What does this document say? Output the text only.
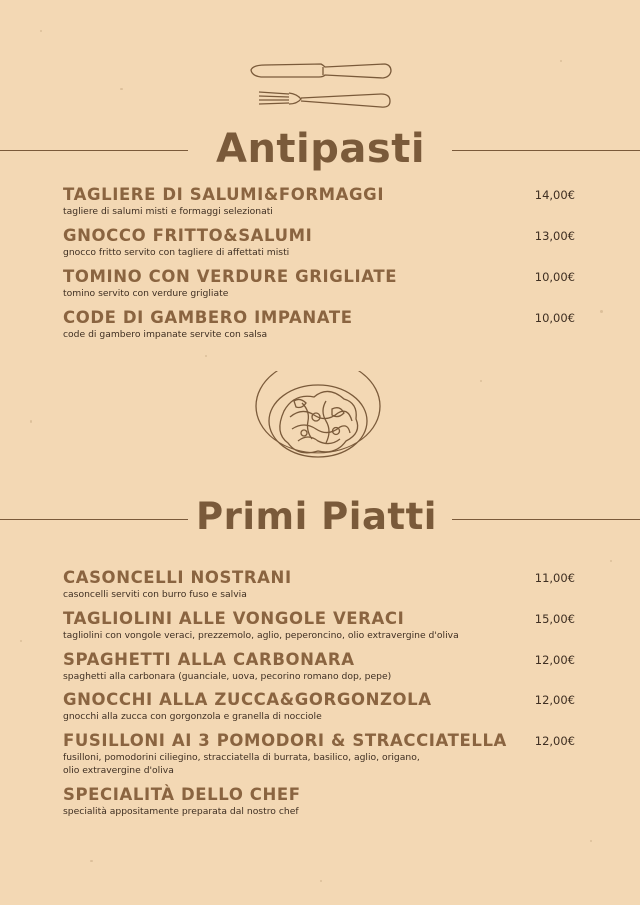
Antipasti
TAGLIERE DI SALUMI&FORMAGGI
tagliere di salumi misti e formaggi selezionati
14,00€
GNOCCO FRITTO&SALUMI
gnocco fritto servito con tagliere di affettati misti
13,00€
TOMINO CON VERDURE GRIGLIATE
tomino servito con verdure grigliate
10,00€
CODE DI GAMBERO IMPANATE
code di gambero impanate servite con salsa
10,00€
Primi Piatti
CASONCELLI NOSTRANI
casoncelli serviti con burro fuso e salvia
11,00€
TAGLIOLINI ALLE VONGOLE VERACI
tagliolini con vongole veraci, prezzemolo, aglio, peperoncino, olio extravergine d'oliva
15,00€
SPAGHETTI ALLA CARBONARA
spaghetti alla carbonara (guanciale, uova, pecorino romano dop, pepe)
12,00€
GNOCCHI ALLA ZUCCA&GORGONZOLA
gnocchi alla zucca con gorgonzola e granella di nocciole
12,00€
FUSILLONI AI 3 POMODORI & STRACCIATELLA
fusilloni, pomodorini ciliegino, stracciatella di burrata, basilico, aglio, origano,
olio extravergine d'oliva
12,00€
SPECIALITÀ DELLO CHEF
specialità appositamente preparata dal nostro chef
